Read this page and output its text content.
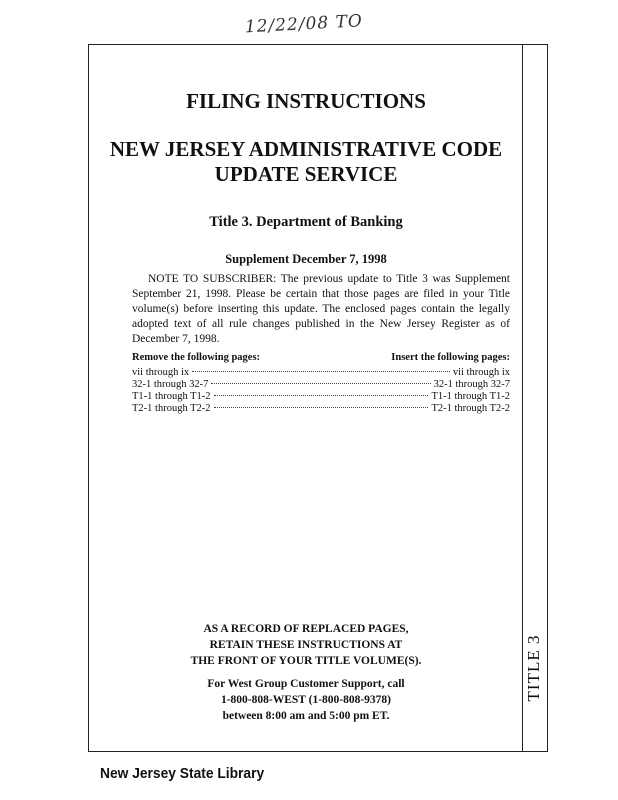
12/22/08 TO
TITLE 3
FILING INSTRUCTIONS
NEW JERSEY ADMINISTRATIVE CODE
UPDATE SERVICE
Title 3. Department of Banking
Supplement December 7, 1998
NOTE TO SUBSCRIBER: The previous update to Title 3 was Supplement September 21, 1998. Please be certain that those pages are filed in your Title volume(s) before inserting this update. The enclosed pages contain the legally adopted text of all rule changes published in the New Jersey Register as of December 7, 1998.
Remove the following pages:	Insert the following pages:
vii through ix	vii through ix
32-1 through 32-7	32-1 through 32-7
T1-1 through T1-2	T1-1 through T1-2
T2-1 through T2-2	T2-1 through T2-2
AS A RECORD OF REPLACED PAGES,
RETAIN THESE INSTRUCTIONS AT
THE FRONT OF YOUR TITLE VOLUME(S).
For West Group Customer Support, call
1-800-808-WEST (1-800-808-9378)
between 8:00 am and 5:00 pm ET.
New Jersey State Library
